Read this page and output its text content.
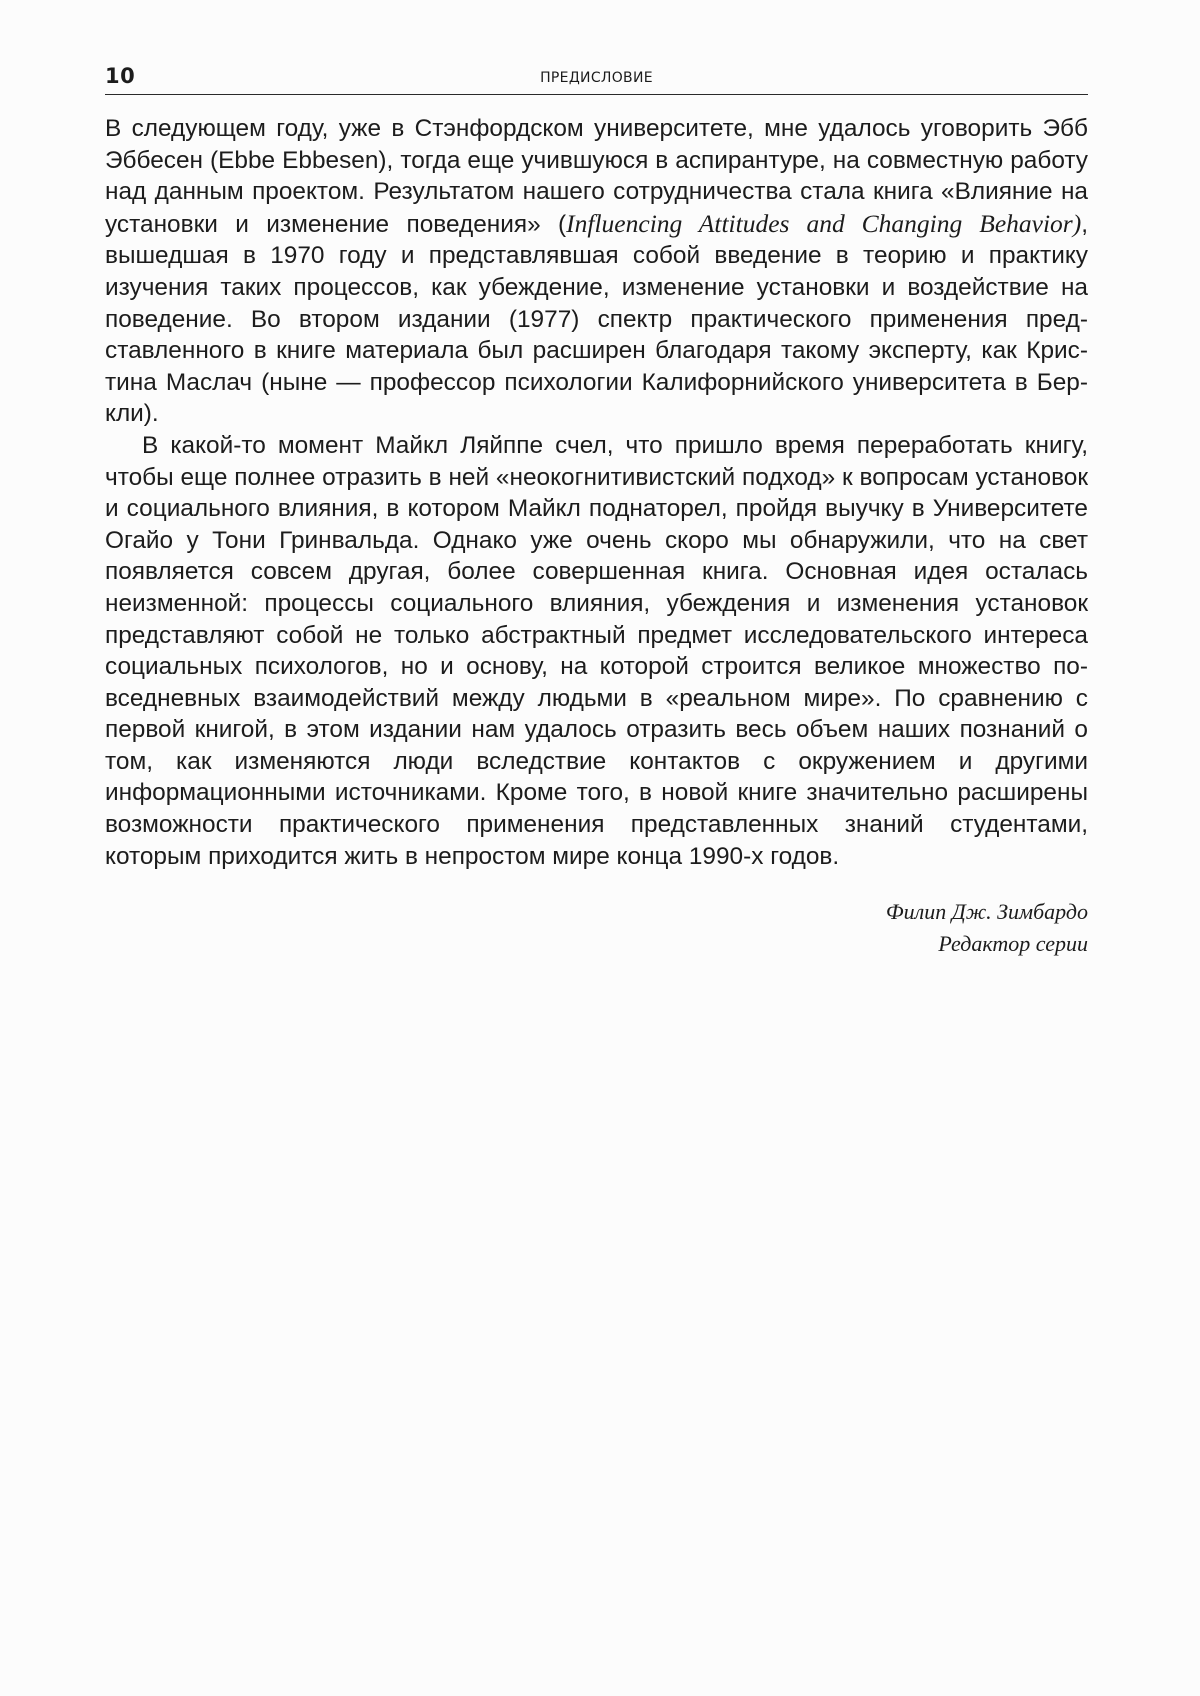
10	ПРЕДИСЛОВИЕ

В следующем году, уже в Стэнфордском университете, мне удалось уговорить Эбб Эббесен (Ebbe Ebbesen), тогда еще учившуюся в аспирантуре, на совместную работу над данным проектом. Результатом нашего сотрудничества стала книга «Влияние на установки и изменение поведения» (Influencing Attitudes and Changing Behavior), вышедшая в 1970 году и представлявшая собой введение в теорию и практику изучения таких процессов, как убеждение, изменение установки и воздействие на поведение. Во втором издании (1977) спектр практического применения представленного в книге материала был расширен благодаря такому эксперту, как Кристина Маслач (ныне — профессор психологии Калифорнийского университета в Беркли).

В какой-то момент Майкл Ляйппе счел, что пришло время переработать книгу, чтобы еще полнее отразить в ней «неокогнитивистский подход» к вопросам установок и социального влияния, в котором Майкл поднаторел, пройдя выучку в Университете Огайо у Тони Гринвальда. Однако уже очень скоро мы обнаружили, что на свет появляется совсем другая, более совершенная книга. Основная идея осталась неизменной: процессы социального влияния, убеждения и изменения установок представляют собой не только абстрактный предмет исследовательского интереса социальных психологов, но и основу, на которой строится великое множество повседневных взаимодействий между людьми в «реальном мире». По сравнению с первой книгой, в этом издании нам удалось отразить весь объем наших познаний о том, как изменяются люди вследствие контактов с окружением и другими информационными источниками. Кроме того, в новой книге значительно расширены возможности практического применения представленных знаний студентами, которым приходится жить в непростом мире конца 1990-х годов.

Филип Дж. Зимбардо
Редактор серии
